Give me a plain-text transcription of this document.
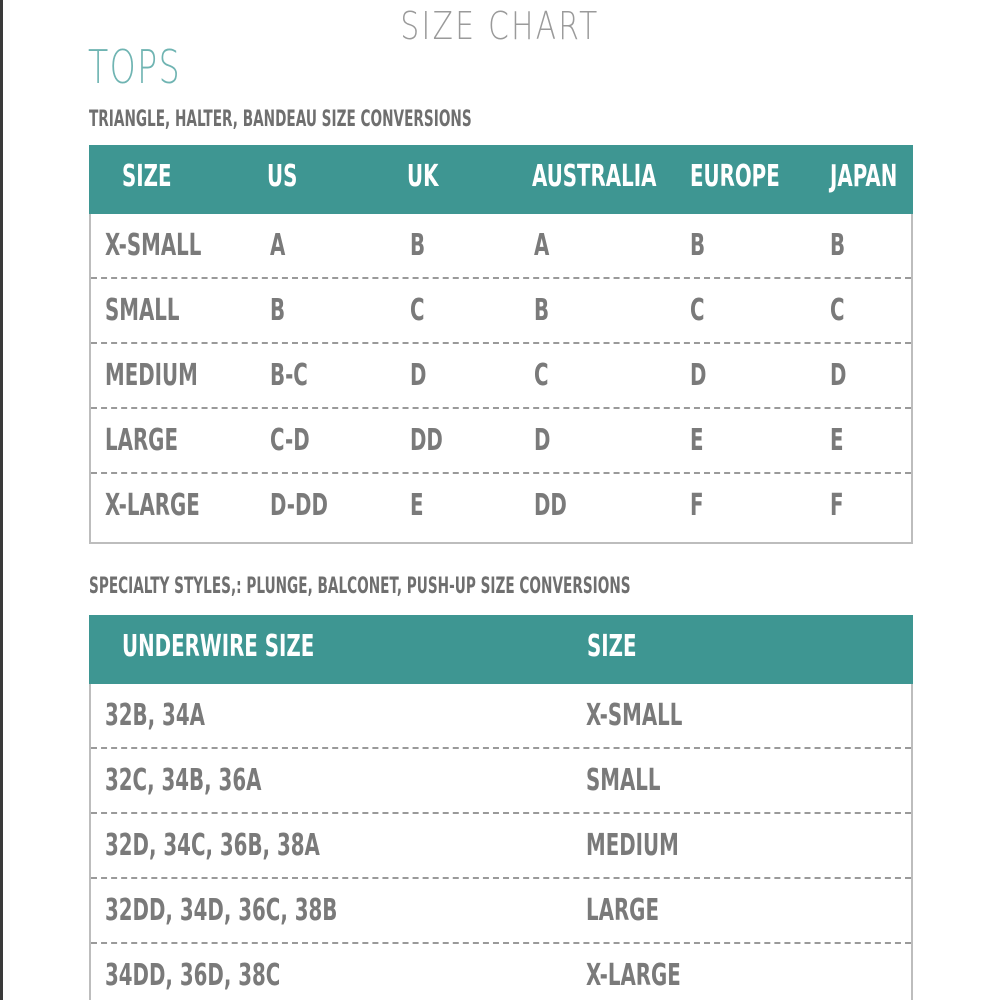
SIZE CHART
TOPS
TRIANGLE, HALTER, BANDEAU SIZE CONVERSIONS
SIZE	US	UK	AUSTRALIA EUROPE JAPAN
X-SMALL A	B	A	B	B
SMALL	B	C	B	C	C
MEDIUM B-C	D	C	D	D
LARGE	C-D	DD	D	E	E
X-LARGE D-DD	E	DD	F	F
SPECIALTY STYLES,: PLUNGE, BALCONET, PUSH-UP SIZE CONVERSIONS
UNDERWIRE SIZE	SIZE
32B, 34A	X-SMALL
32C, 34B, 36A	SMALL
32D, 34C, 36B, 38A	MEDIUM
32DD, 34D, 36C, 38B	LARGE
34DD, 36D, 38C	X-LARGE
